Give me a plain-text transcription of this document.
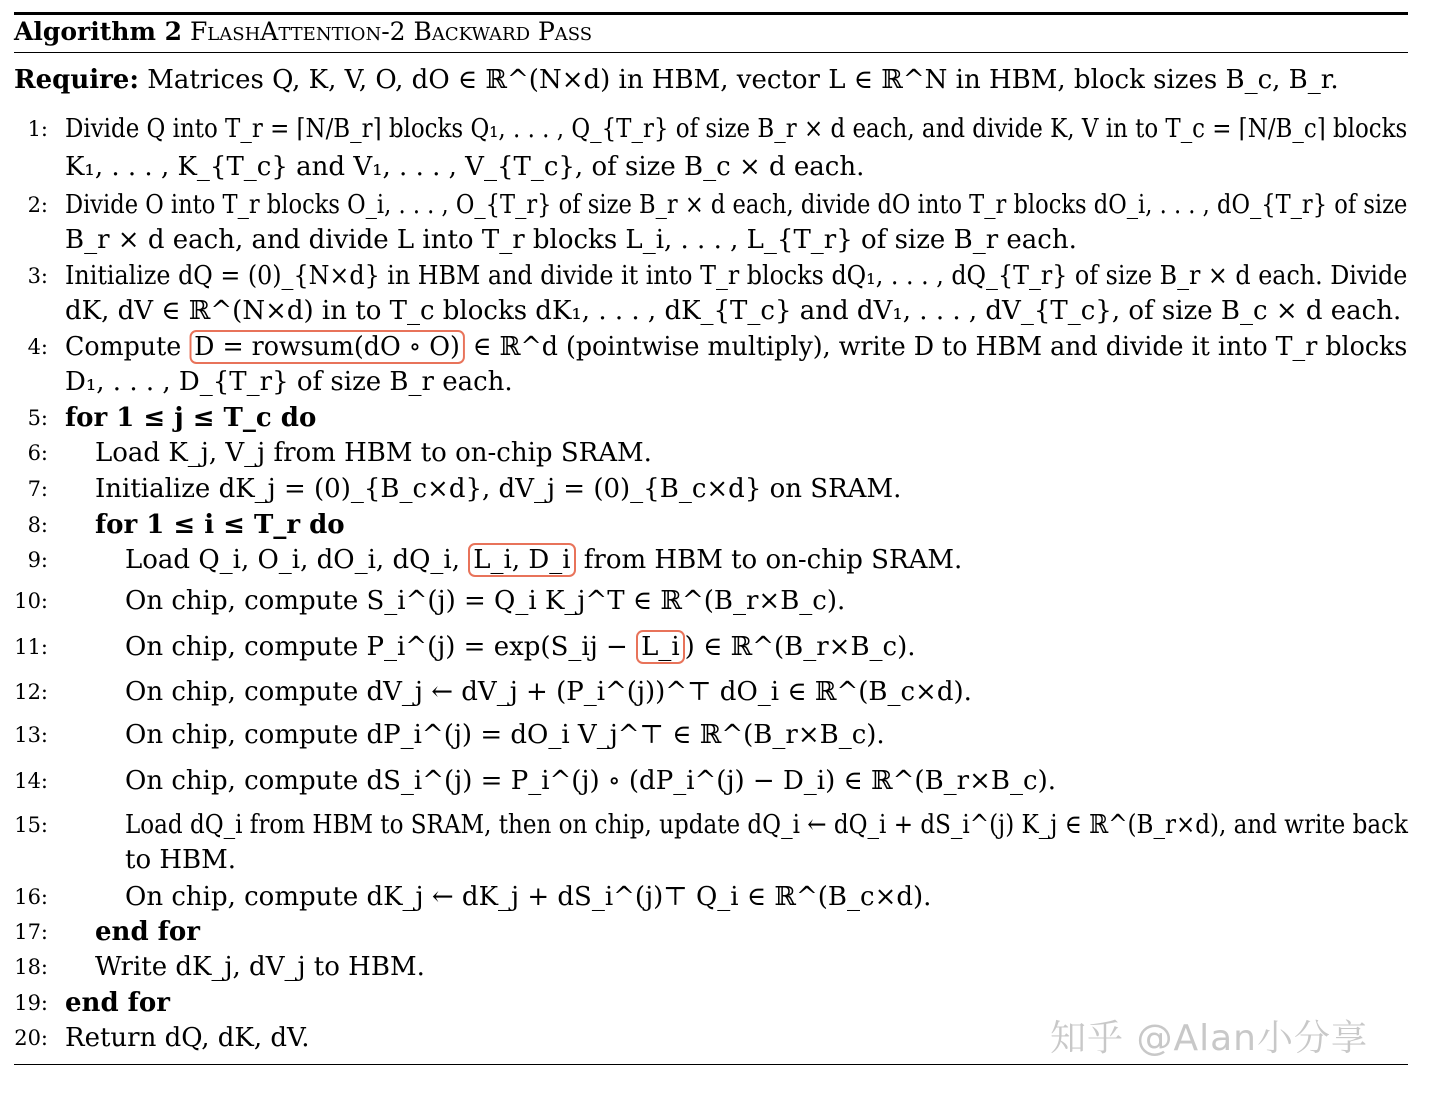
Algorithm 2 FlashAttention-2 Backward Pass
Require: Matrices Q, K, V, O, dO ∈ ℝ^(N×d) in HBM, vector L ∈ ℝ^N in HBM, block sizes B_c, B_r.
1: Divide Q into T_r = ⌈N/B_r⌉ blocks Q₁, . . . , Q_{T_r} of size B_r × d each, and divide K, V in to T_c = ⌈N/B_c⌉ blocks
K₁, . . . , K_{T_c} and V₁, . . . , V_{T_c}, of size B_c × d each.
2: Divide O into T_r blocks O_i, . . . , O_{T_r} of size B_r × d each, divide dO into T_r blocks dO_i, . . . , dO_{T_r} of size
B_r × d each, and divide L into T_r blocks L_i, . . . , L_{T_r} of size B_r each.
3: Initialize dQ = (0)_{N×d} in HBM and divide it into T_r blocks dQ₁, . . . , dQ_{T_r} of size B_r × d each. Divide
dK, dV ∈ ℝ^(N×d) in to T_c blocks dK₁, . . . , dK_{T_c} and dV₁, . . . , dV_{T_c}, of size B_c × d each.
4: Compute D = rowsum(dO ∘ O) ∈ ℝ^d (pointwise multiply), write D to HBM and divide it into T_r blocks
D₁, . . . , D_{T_r} of size B_r each.
5: for 1 ≤ j ≤ T_c do
6: Load K_j, V_j from HBM to on-chip SRAM.
7: Initialize dK_j = (0)_{B_c×d}, dV_j = (0)_{B_c×d} on SRAM.
8: for 1 ≤ i ≤ T_r do
9:	Load Q_i, O_i, dO_i, dQ_i, L_i, D_i from HBM to on-chip SRAM.
10:	On chip, compute S_i^(j) = Q_i K_j^T ∈ ℝ^(B_r×B_c).
11:	On chip, compute P_i^(j) = exp(S_ij − L_i ) ∈ ℝ^(B_r×B_c).
12:	On chip, compute dV_j ← dV_j + (P_i^(j))^⊤ dO_i ∈ ℝ^(B_c×d).
13:	On chip, compute dP_i^(j) = dO_i V_j^⊤ ∈ ℝ^(B_r×B_c).
14:	On chip, compute dS_i^(j) = P_i^(j) ∘ (dP_i^(j) − D_i) ∈ ℝ^(B_r×B_c).
15:	Load dQ_i from HBM to SRAM, then on chip, update dQ_i ← dQ_i + dS_i^(j) K_j ∈ ℝ^(B_r×d), and write back
to HBM.
16:	On chip, compute dK_j ← dK_j + dS_i^(j)⊤ Q_i ∈ ℝ^(B_c×d).
17: end for
18: Write dK_j, dV_j to HBM.
19: end for
20: Return dQ, dK, dV.	知乎 @Alan小分享
